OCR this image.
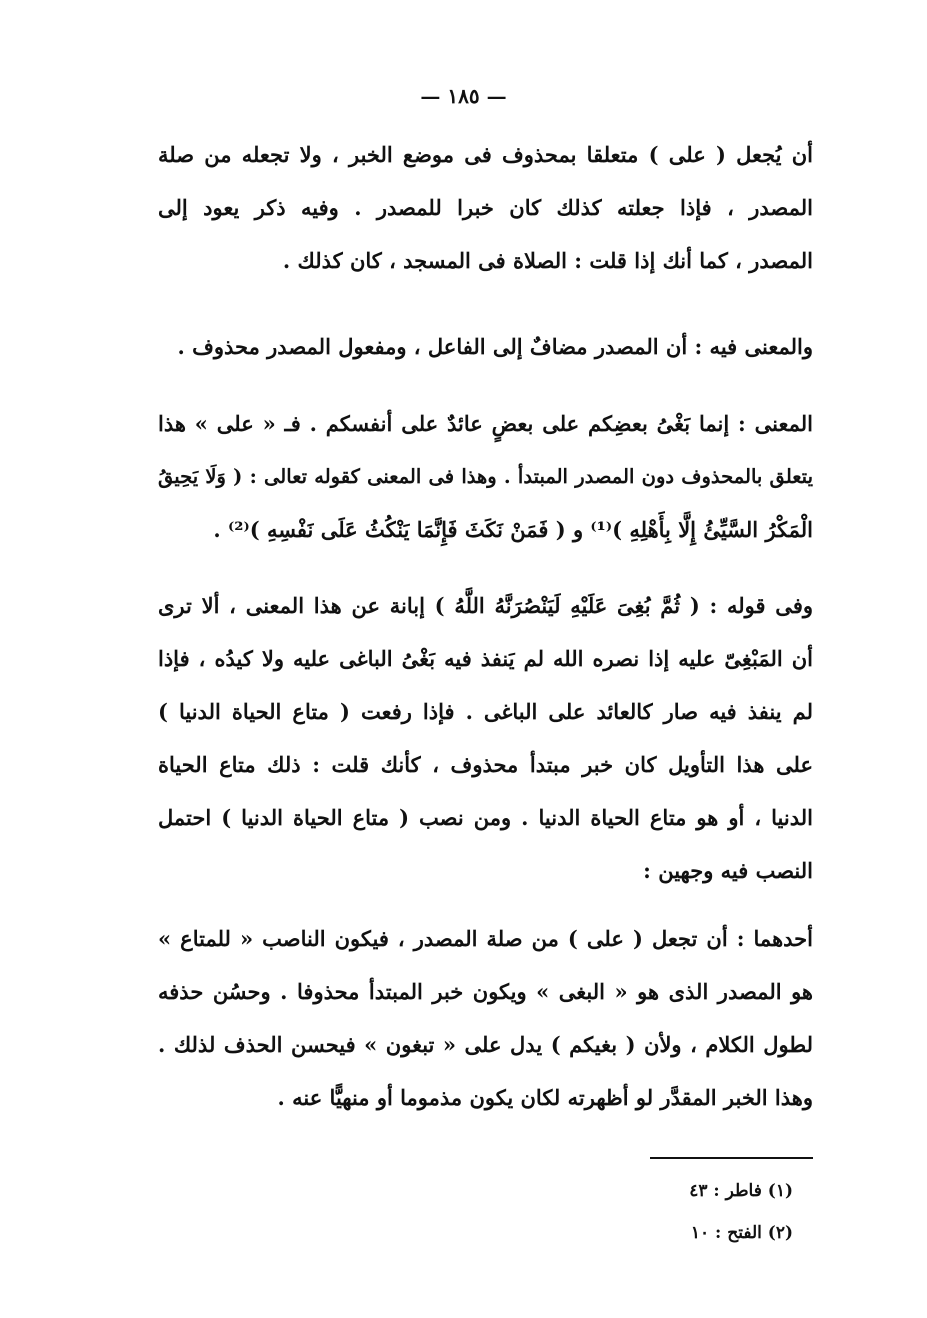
— ١٨٥ —
أن يُجعل ( على ) متعلقا بمحذوف فى موضع الخبر ، ولا تجعله من صلة
المصدر ، فإذا جعلته كذلك كان خبرا للمصدر . وفيه ذكر يعود إلى
المصدر ، كما أنك إذا قلت : الصلاة فى المسجد ، كان كذلك .
والمعنى فيه : أن المصدر مضافٌ إلى الفاعل ، ومفعول المصدر محذوف .
المعنى : إنما بَغْىُ بعضِكم على بعضٍ عائدٌ على أنفسكم . فـ « على » هذا
يتعلق بالمحذوف دون المصدر المبتدأ . وهذا فى المعنى كقوله تعالى : ( وَلَا يَحِيقُ
الْمَكْرُ السَّيِّئُ إِلَّا بِأَهْلِهِ )⁽¹⁾ و ( فَمَنْ نَكَثَ فَإِنَّمَا يَنْكُثُ عَلَى نَفْسِهِ )⁽²⁾ .
وفى قوله : ( ثُمَّ بُغِىَ عَلَيْهِ لَيَنْصُرَنَّهُ اللَّهُ ) إبانة عن هذا المعنى ، ألا ترى
أن المَبْغِىّ عليه إذا نصره الله لم يَنفذ فيه بَغْىُ الباغى عليه ولا كيدُه ، فإذا
لم ينفذ فيه صار كالعائد على الباغى . فإذا رفعت ( متاع الحياة الدنيا )
على هذا التأويل كان خبر مبتدأ محذوف ، كأنك قلت : ذلك متاع الحياة
الدنيا ، أو هو متاع الحياة الدنيا . ومن نصب ( متاع الحياة الدنيا ) احتمل
النصب فيه وجهين :
أحدهما : أن تجعل ( على ) من صلة المصدر ، فيكون الناصب « للمتاع »
هو المصدر الذى هو « البغى » ويكون خبر المبتدأ محذوفا . وحسُن حذفه
لطول الكلام ، ولأن ( بغيكم ) يدل على « تبغون » فيحسن الحذف لذلك .
وهذا الخبر المقدَّر لو أظهرته لكان يكون مذموما أو منهيًّا عنه .
(١) فاطر : ٤٣
(٢) الفتح : ١٠
